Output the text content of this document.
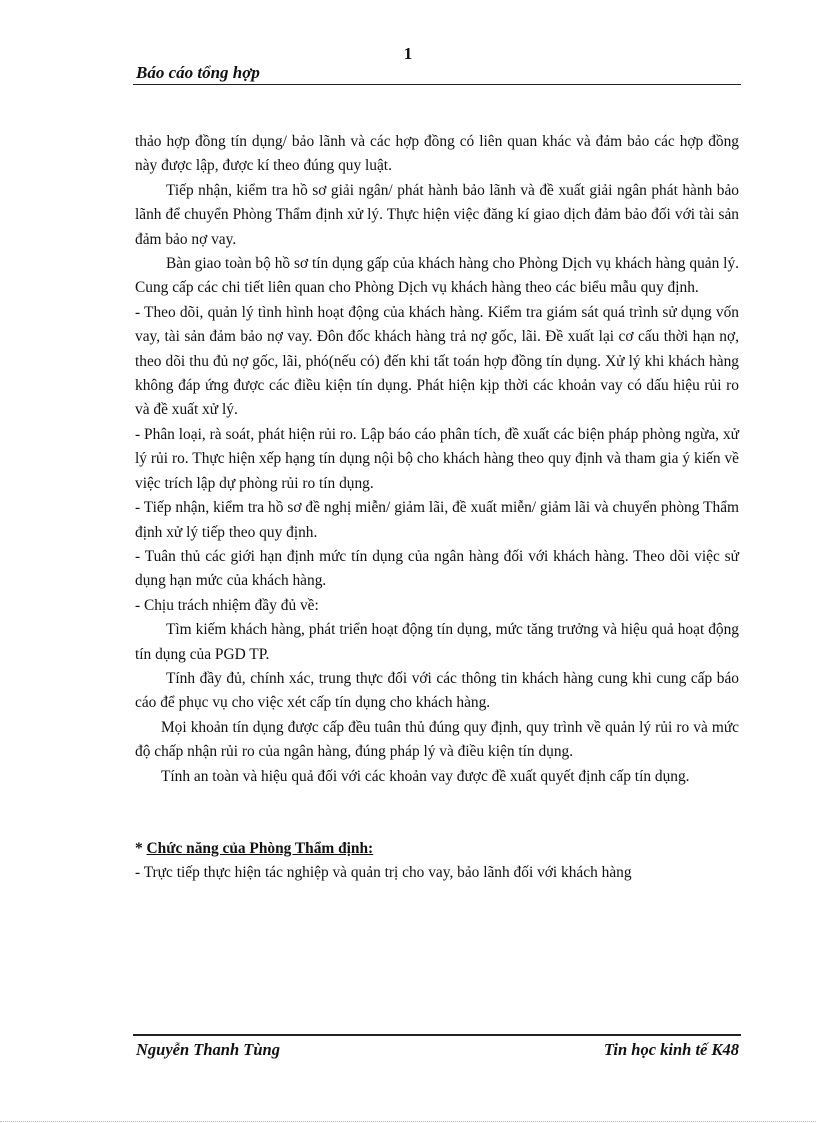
1
Báo cáo tổng hợp

thảo hợp đồng tín dụng/ bảo lãnh và các hợp đồng có liên quan khác và đảm bảo các hợp đồng này được lập, được kí theo đúng quy luật.

Tiếp nhận, kiểm tra hồ sơ giải ngân/ phát hành bảo lãnh và đề xuất giải ngân phát hành bảo lãnh để chuyển Phòng Thẩm định xử lý. Thực hiện việc đăng kí giao dịch đảm bảo đối với tài sản đảm bảo nợ vay.

Bàn giao toàn bộ hồ sơ tín dụng gấp của khách hàng cho Phòng Dịch vụ khách hàng quản lý. Cung cấp các chi tiết liên quan cho Phòng Dịch vụ khách hàng theo các biểu mẫu quy định.

- Theo dõi, quản lý tình hình hoạt động của khách hàng. Kiểm tra giám sát quá trình sử dụng vốn vay, tài sản đảm bảo nợ vay. Đôn đốc khách hàng trả nợ gốc, lãi. Đề xuất lại cơ cấu thời hạn nợ, theo dõi thu đủ nợ gốc, lãi, phó(nếu có) đến khi tất toán hợp đồng tín dụng. Xử lý khi khách hàng không đáp ứng được các điều kiện tín dụng. Phát hiện kịp thời các khoản vay có dấu hiệu rủi ro và đề xuất xử lý.

- Phân loại, rà soát, phát hiện rủi ro. Lập báo cáo phân tích, đề xuất các biện pháp phòng ngừa, xử lý rủi ro. Thực hiện xếp hạng tín dụng nội bộ cho khách hàng theo quy định và tham gia ý kiến về việc trích lập dự phòng rủi ro tín dụng.

- Tiếp nhận, kiểm tra hồ sơ đề nghị miễn/ giảm lãi, đề xuất miễn/ giảm lãi và chuyển phòng Thẩm định xử lý tiếp theo quy định.

- Tuân thủ các giới hạn định mức tín dụng của ngân hàng đối với khách hàng. Theo dõi việc sử dụng hạn mức của khách hàng.

- Chịu trách nhiệm đầy đủ về:

Tìm kiếm khách hàng, phát triển hoạt động tín dụng, mức tăng trưởng và hiệu quả hoạt động tín dụng của PGD TP.

Tính đầy đủ, chính xác, trung thực đối với các thông tin khách hàng cung khi cung cấp báo cáo để phục vụ cho việc xét cấp tín dụng cho khách hàng.

Mọi khoản tín dụng được cấp đều tuân thủ đúng quy định, quy trình về quản lý rủi ro và mức độ chấp nhận rủi ro của ngân hàng, đúng pháp lý và điều kiện tín dụng.

Tính an toàn và hiệu quả đối với các khoản vay được đề xuất quyết định cấp tín dụng.

* Chức năng của Phòng Thẩm định:

- Trực tiếp thực hiện tác nghiệp và quản trị cho vay, bảo lãnh đối với khách hàng

Nguyễn Thanh Tùng	Tin học kinh tế K48
